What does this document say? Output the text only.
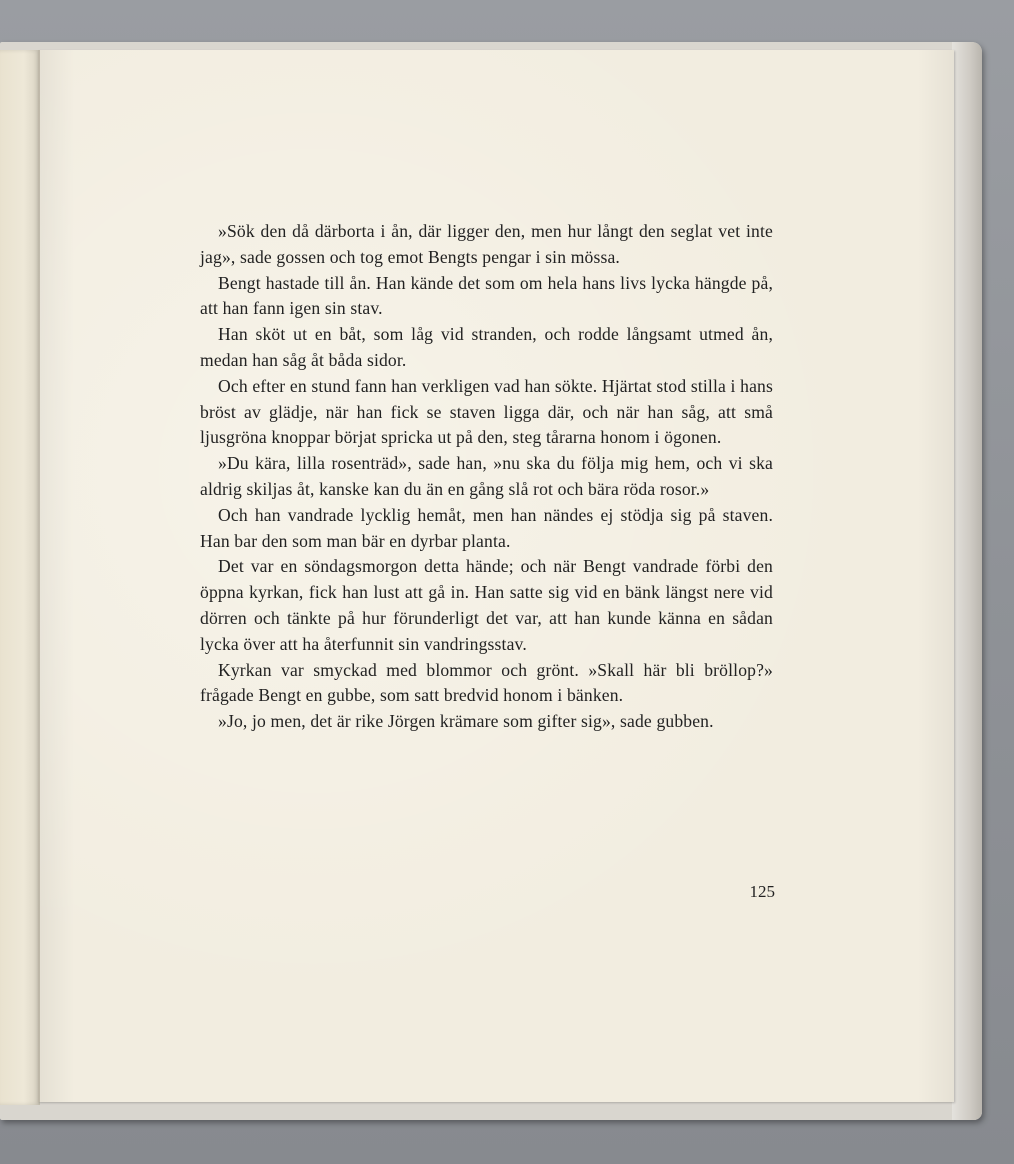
»Sök den då därborta i ån, där ligger den, men hur långt den seglat vet inte jag», sade gossen och tog emot Bengts pengar i sin mössa.

Bengt hastade till ån. Han kände det som om hela hans livs lycka hängde på, att han fann igen sin stav.

Han sköt ut en båt, som låg vid stranden, och rodde långsamt utmed ån, medan han såg åt båda sidor.

Och efter en stund fann han verkligen vad han sökte. Hjärtat stod stilla i hans bröst av glädje, när han fick se staven ligga där, och när han såg, att små ljusgröna knoppar börjat spricka ut på den, steg tårarna honom i ögonen.

»Du kära, lilla rosenträd», sade han, »nu ska du följa mig hem, och vi ska aldrig skiljas åt, kanske kan du än en gång slå rot och bära röda rosor.»

Och han vandrade lycklig hemåt, men han nändes ej stödja sig på staven. Han bar den som man bär en dyrbar planta.

Det var en söndagsmorgon detta hände; och när Bengt vandrade förbi den öppna kyrkan, fick han lust att gå in. Han satte sig vid en bänk längst nere vid dörren och tänkte på hur förunderligt det var, att han kunde känna en sådan lycka över att ha återfunnit sin vandringsstav.

Kyrkan var smyckad med blommor och grönt. »Skall här bli bröllop?» frågade Bengt en gubbe, som satt bredvid honom i bänken.

»Jo, jo men, det är rike Jörgen krämare som gifter sig», sade gubben.

125
